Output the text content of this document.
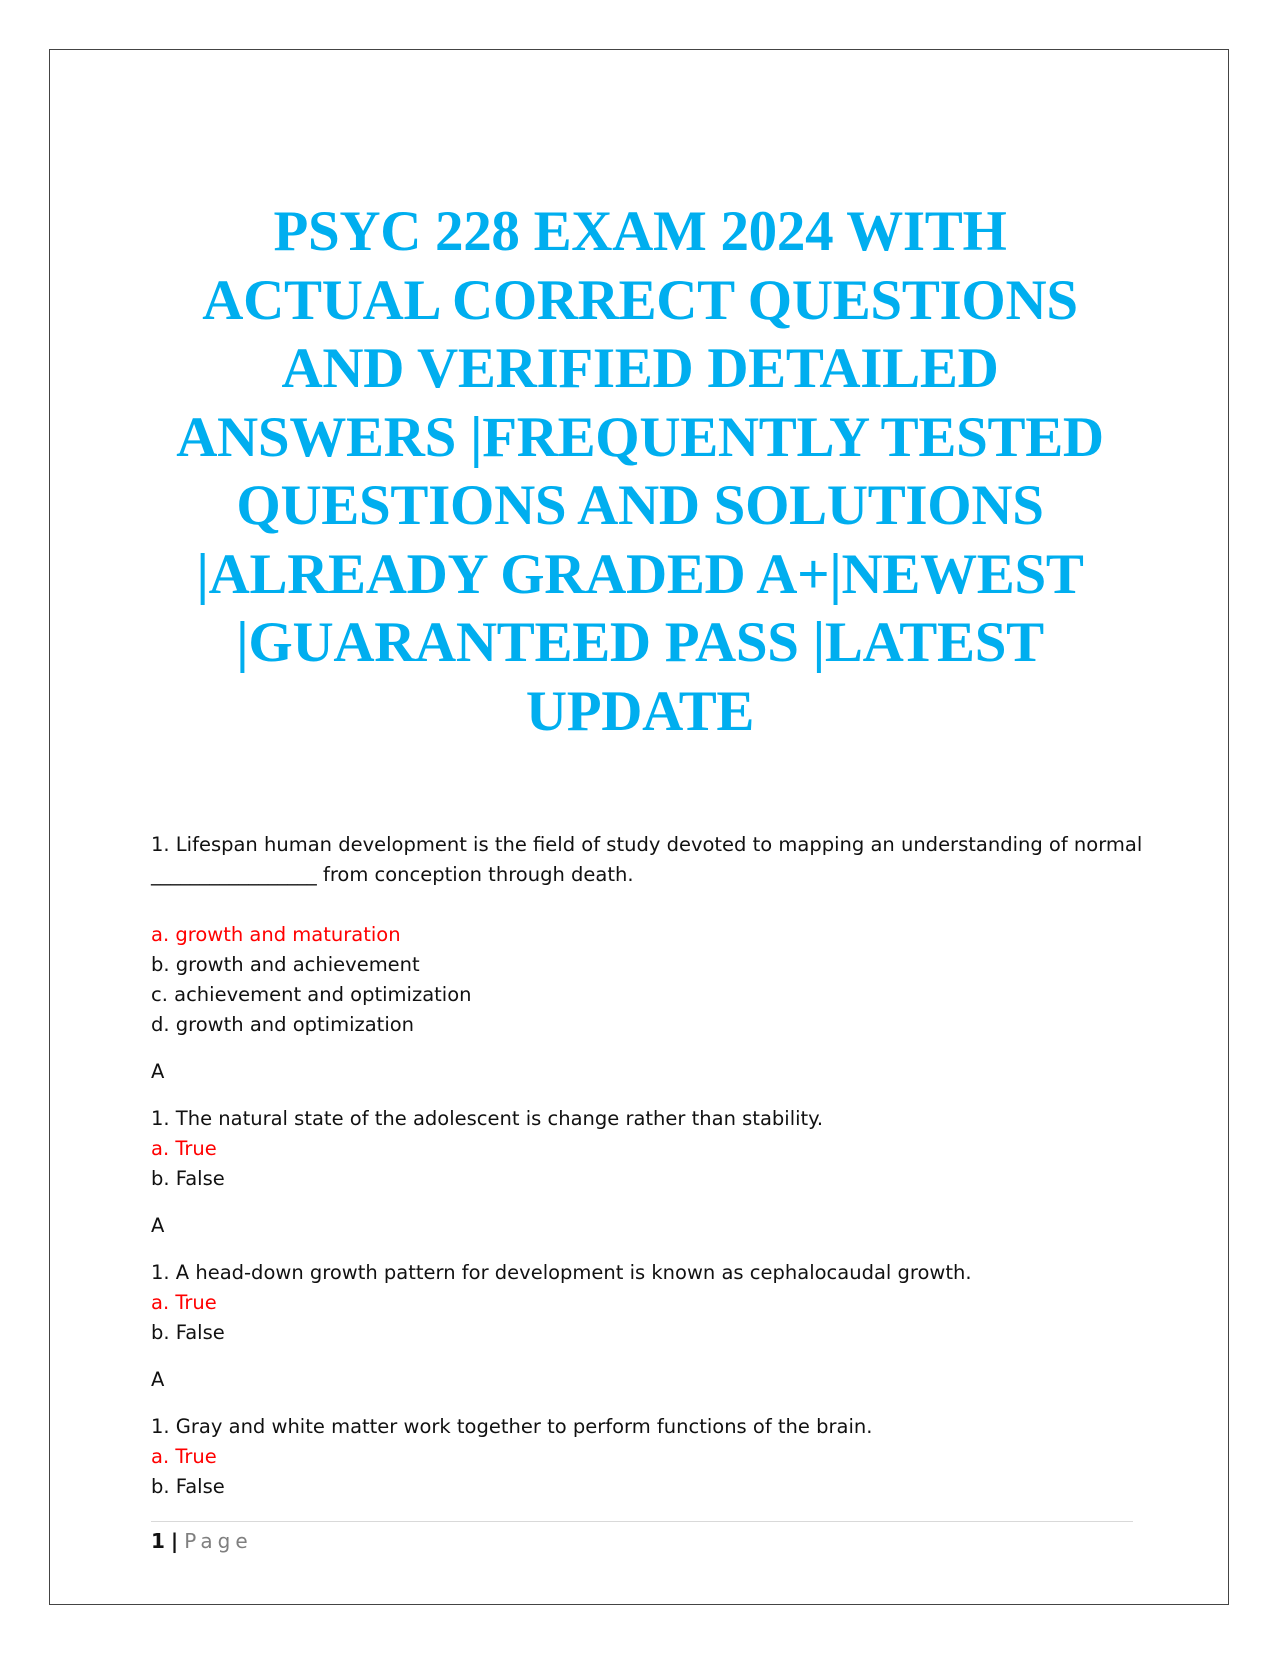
PSYC 228 EXAM 2024 WITH ACTUAL CORRECT QUESTIONS AND VERIFIED DETAILED ANSWERS |FREQUENTLY TESTED QUESTIONS AND SOLUTIONS |ALREADY GRADED A+|NEWEST |GUARANTEED PASS |LATEST UPDATE
1. Lifespan human development is the field of study devoted to mapping an understanding of normal
_________________ from conception through death.
a. growth and maturation
b. growth and achievement
c. achievement and optimization
d. growth and optimization
A
1. The natural state of the adolescent is change rather than stability.
a. True
b. False
A
1. A head-down growth pattern for development is known as cephalocaudal growth.
a. True
b. False
A
1. Gray and white matter work together to perform functions of the brain.
a. True
b. False
1 | Page
